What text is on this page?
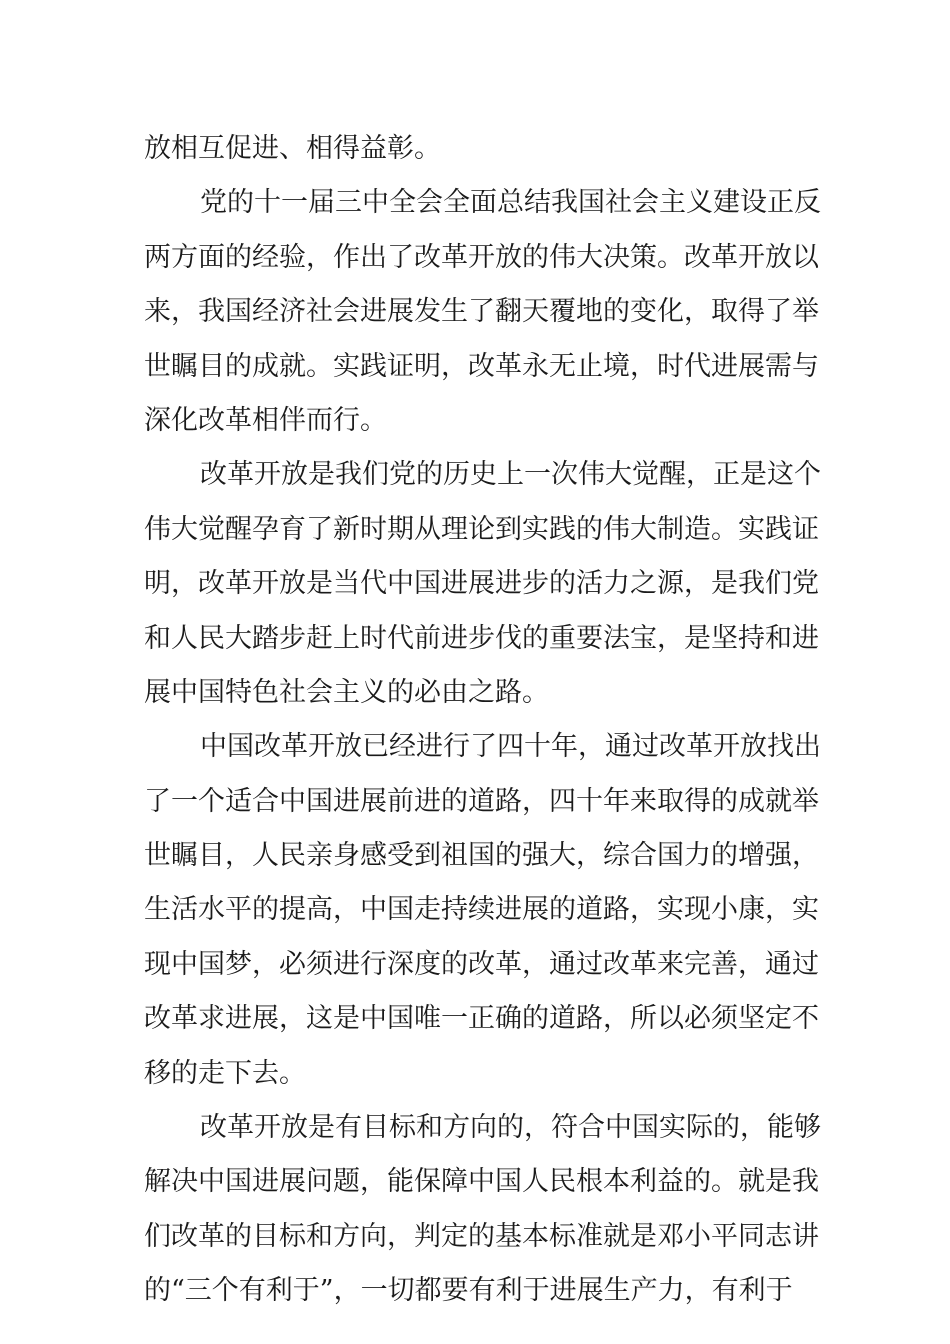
放相互促进、相得益彰。
党的十一届三中全会全面总结我国社会主义建设正反
两方面的经验，作出了改革开放的伟大决策。改革开放以
来，我国经济社会进展发生了翻天覆地的变化，取得了举
世瞩目的成就。实践证明，改革永无止境，时代进展需与
深化改革相伴而行。
改革开放是我们党的历史上一次伟大觉醒，正是这个
伟大觉醒孕育了新时期从理论到实践的伟大制造。实践证
明，改革开放是当代中国进展进步的活力之源，是我们党
和人民大踏步赶上时代前进步伐的重要法宝，是坚持和进
展中国特色社会主义的必由之路。
中国改革开放已经进行了四十年，通过改革开放找出
了一个适合中国进展前进的道路，四十年来取得的成就举
世瞩目，人民亲身感受到祖国的强大，综合国力的增强，
生活水平的提高，中国走持续进展的道路，实现小康，实
现中国梦，必须进行深度的改革，通过改革来完善，通过
改革求进展，这是中国唯一正确的道路，所以必须坚定不
移的走下去。
改革开放是有目标和方向的，符合中国实际的，能够
解决中国进展问题，能保障中国人民根本利益的。就是我
们改革的目标和方向，判定的基本标准就是邓小平同志讲
的“三个有利于”，一切都要有利于进展生产力，有利于
